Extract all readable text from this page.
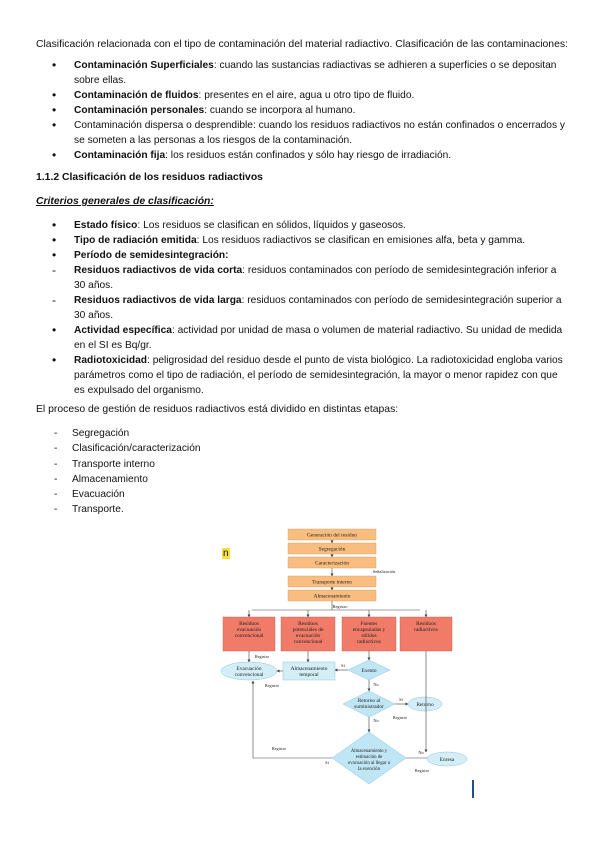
Clasificación relacionada con el tipo de contaminación del material radiactivo. Clasificación de las contaminaciones:

• Contaminación Superficiales: cuando las sustancias radiactivas se adhieren a superficies o se depositan sobre ellas.
• Contaminación de fluidos: presentes en el aire, agua u otro tipo de fluido.
• Contaminación personales: cuando se incorpora al humano.
• Contaminación dispersa o desprendible: cuando los residuos radiactivos no están confinados o encerrados y se someten a las personas a los riesgos de la contaminación.
• Contaminación fija: los residuos están confinados y sólo hay riesgo de irradiación.
1.1.2 Clasificación de los residuos radiactivos
Criterios generales de clasificación:
• Estado físico: Los residuos se clasifican en sólidos, líquidos y gaseosos.
• Tipo de radiación emitida: Los residuos radiactivos se clasifican en emisiones alfa, beta y gamma.
• Período de semidesintegración:
- Residuos radiactivos de vida corta: residuos contaminados con período de semidesintegración inferior a 30 años.
- Residuos radiactivos de vida larga: residuos contaminados con período de semidesintegración superior a 30 años.
• Actividad específica: actividad por unidad de masa o volumen de material radiactivo. Su unidad de medida en el SI es Bq/gr.
• Radiotoxicidad: peligrosidad del residuo desde el punto de vista biológico. La radiotoxicidad engloba varios parámetros como el tipo de radiación, el período de semidesintegración, la mayor o menor rapidez con que es expulsado del organismo.

El proceso de gestión de residuos radiactivos está dividido en distintas etapas:

- Segregación
- Clasificación/caracterización
- Transporte interno
- Almacenamiento
- Evacuación
- Transporte.
n
Generación del residuo
Segregación
Caracterización
Transporte interno
Almacenamiento
Señalización
Registro
Residuos evacuación convencional
Residuos potenciales de evacuación convencional
Fuentes encapsuladas y sólidos radiactivos
Residuos radiactivos
Evacuación convencional
Registro
Almacenamiento temporal
Registro
Exento
Sí
No
Retorno al suministrador
Sí
Retorno
Registro
No
Almacenamiento y estimación de evacuación al llegar a la exención
Registro
Sí
No
Enresa
Registro
